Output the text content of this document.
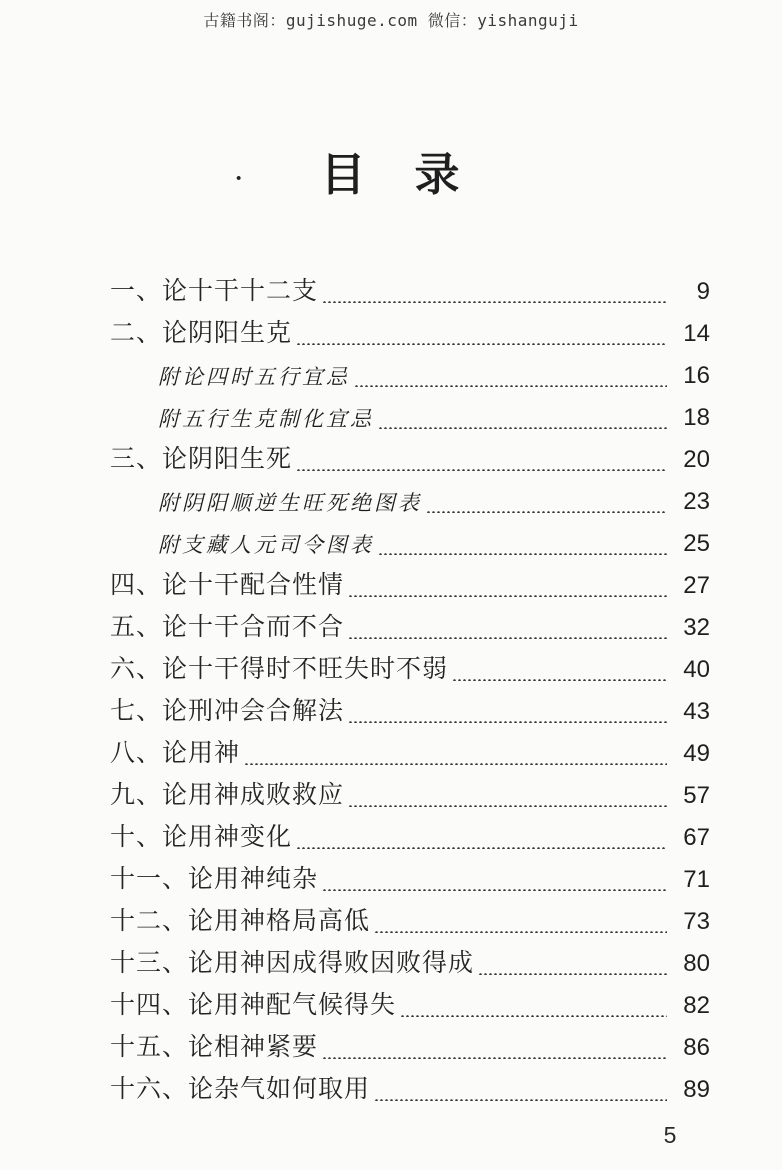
古籍书阁：gujishuge.com 微信：yishanguji
·	目　录
一、论十干十二支	9
二、论阴阳生克	14
附论四时五行宜忌	16
附五行生克制化宜忌	18
三、论阴阳生死	20
附阴阳顺逆生旺死绝图表	23
附支藏人元司令图表	25
四、论十干配合性情	27
五、论十干合而不合	32
六、论十干得时不旺失时不弱	40
七、论刑冲会合解法	43
八、论用神	49
九、论用神成败救应	57
十、论用神变化	67
十一、论用神纯杂	71
十二、论用神格局高低	73
十三、论用神因成得败因败得成	80
十四、论用神配气候得失	82
十五、论相神紧要	86
十六、论杂气如何取用	89
5
